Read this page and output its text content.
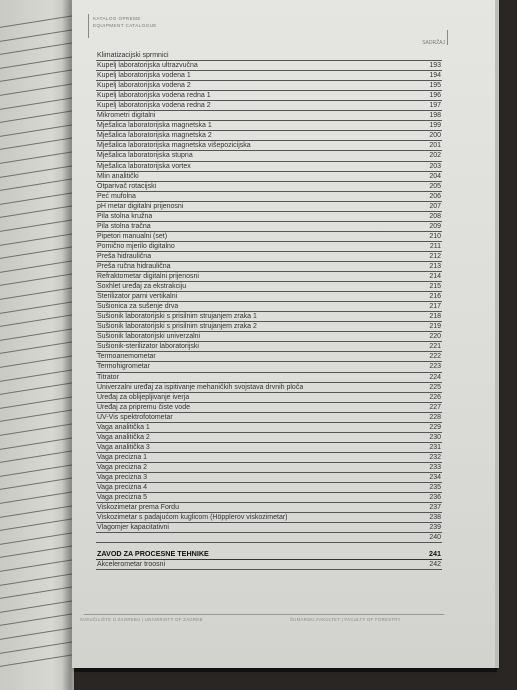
KATALOG OPREME
EQUIPMENT CATALOGUE
SADRŽAJ
Klimatizacijski sprmnici
Kupelj laboratorijska ultrazvučna	193
Kupelj laboratorijska vodena 1	194
Kupelj laboratorijska vodena 2	195
Kupelj laboratorijska vodena redna 1	196
Kupelj laboratorijska vodena redna 2	197
Mikrometri digitalni	198
Mješalica laboratorijska magnetska 1	199
Mješalica laboratorijska magnetska 2	200
Mješalica laboratorijska magnetska višepozicijska	201
Mješalica laboratorijska stupna	202
Mješalica laboratorijska vortex	203
Mlin analitički	204
Otparivač rotacijski	205
Peć mufolna	206
pH metar digitalni prijenosni	207
Pila stolna kružna	208
Pila stolna tračna	209
Pipetori manualni (set)	210
Pomično mjerilo digitalno	211
Preša hidraulična	212
Preša ručna hidraulična	213
Refraktometar digitalni prijenosni	214
Soxhlet uređaj za ekstrakciju	215
Sterilizator parni vertikalni	216
Sušionica za sušenje drva	217
Sušionik laboratorijski s prisilnim strujanjem zraka 1	218
Sušionik laboratorijski s prisilnim strujanjem zraka 2	219
Sušionik laboratorijski univerzalni	220
Sušionik-sterilizator laboratorijski	221
Termoanemometar	222
Termohigrometar	223
Titrator	224
Univerzalni uređaj za ispitivanje mehaničkih svojstava drvnih ploča	225
Uređaj za oblijepljivanje iverja	226
Uređaj za pripremu čiste vode	227
UV-Vis spektrofotometar	228
Vaga analitička 1	229
Vaga analitička 2	230
Vaga analitička 3	231
Vaga precizna 1	232
Vaga precizna 2	233
Vaga precizna 3	234
Vaga precizna 4	235
Vaga precizna 5	236
Viskozimetar prema Fordu	237
Viskozimetar s padajućom kuglicom (Höpplerov viskozimetar)	238
Vlagomjer kapacitativni	239
240
ZAVOD ZA PROCESNE TEHNIKE	241
Akcelerometar troosni	242
SVEUČILIŠTE U ZAGREBU | UNIVERSITY OF ZAGREB	ŠUMARSKI FAKULTET | FACULTY OF FORESTRY
